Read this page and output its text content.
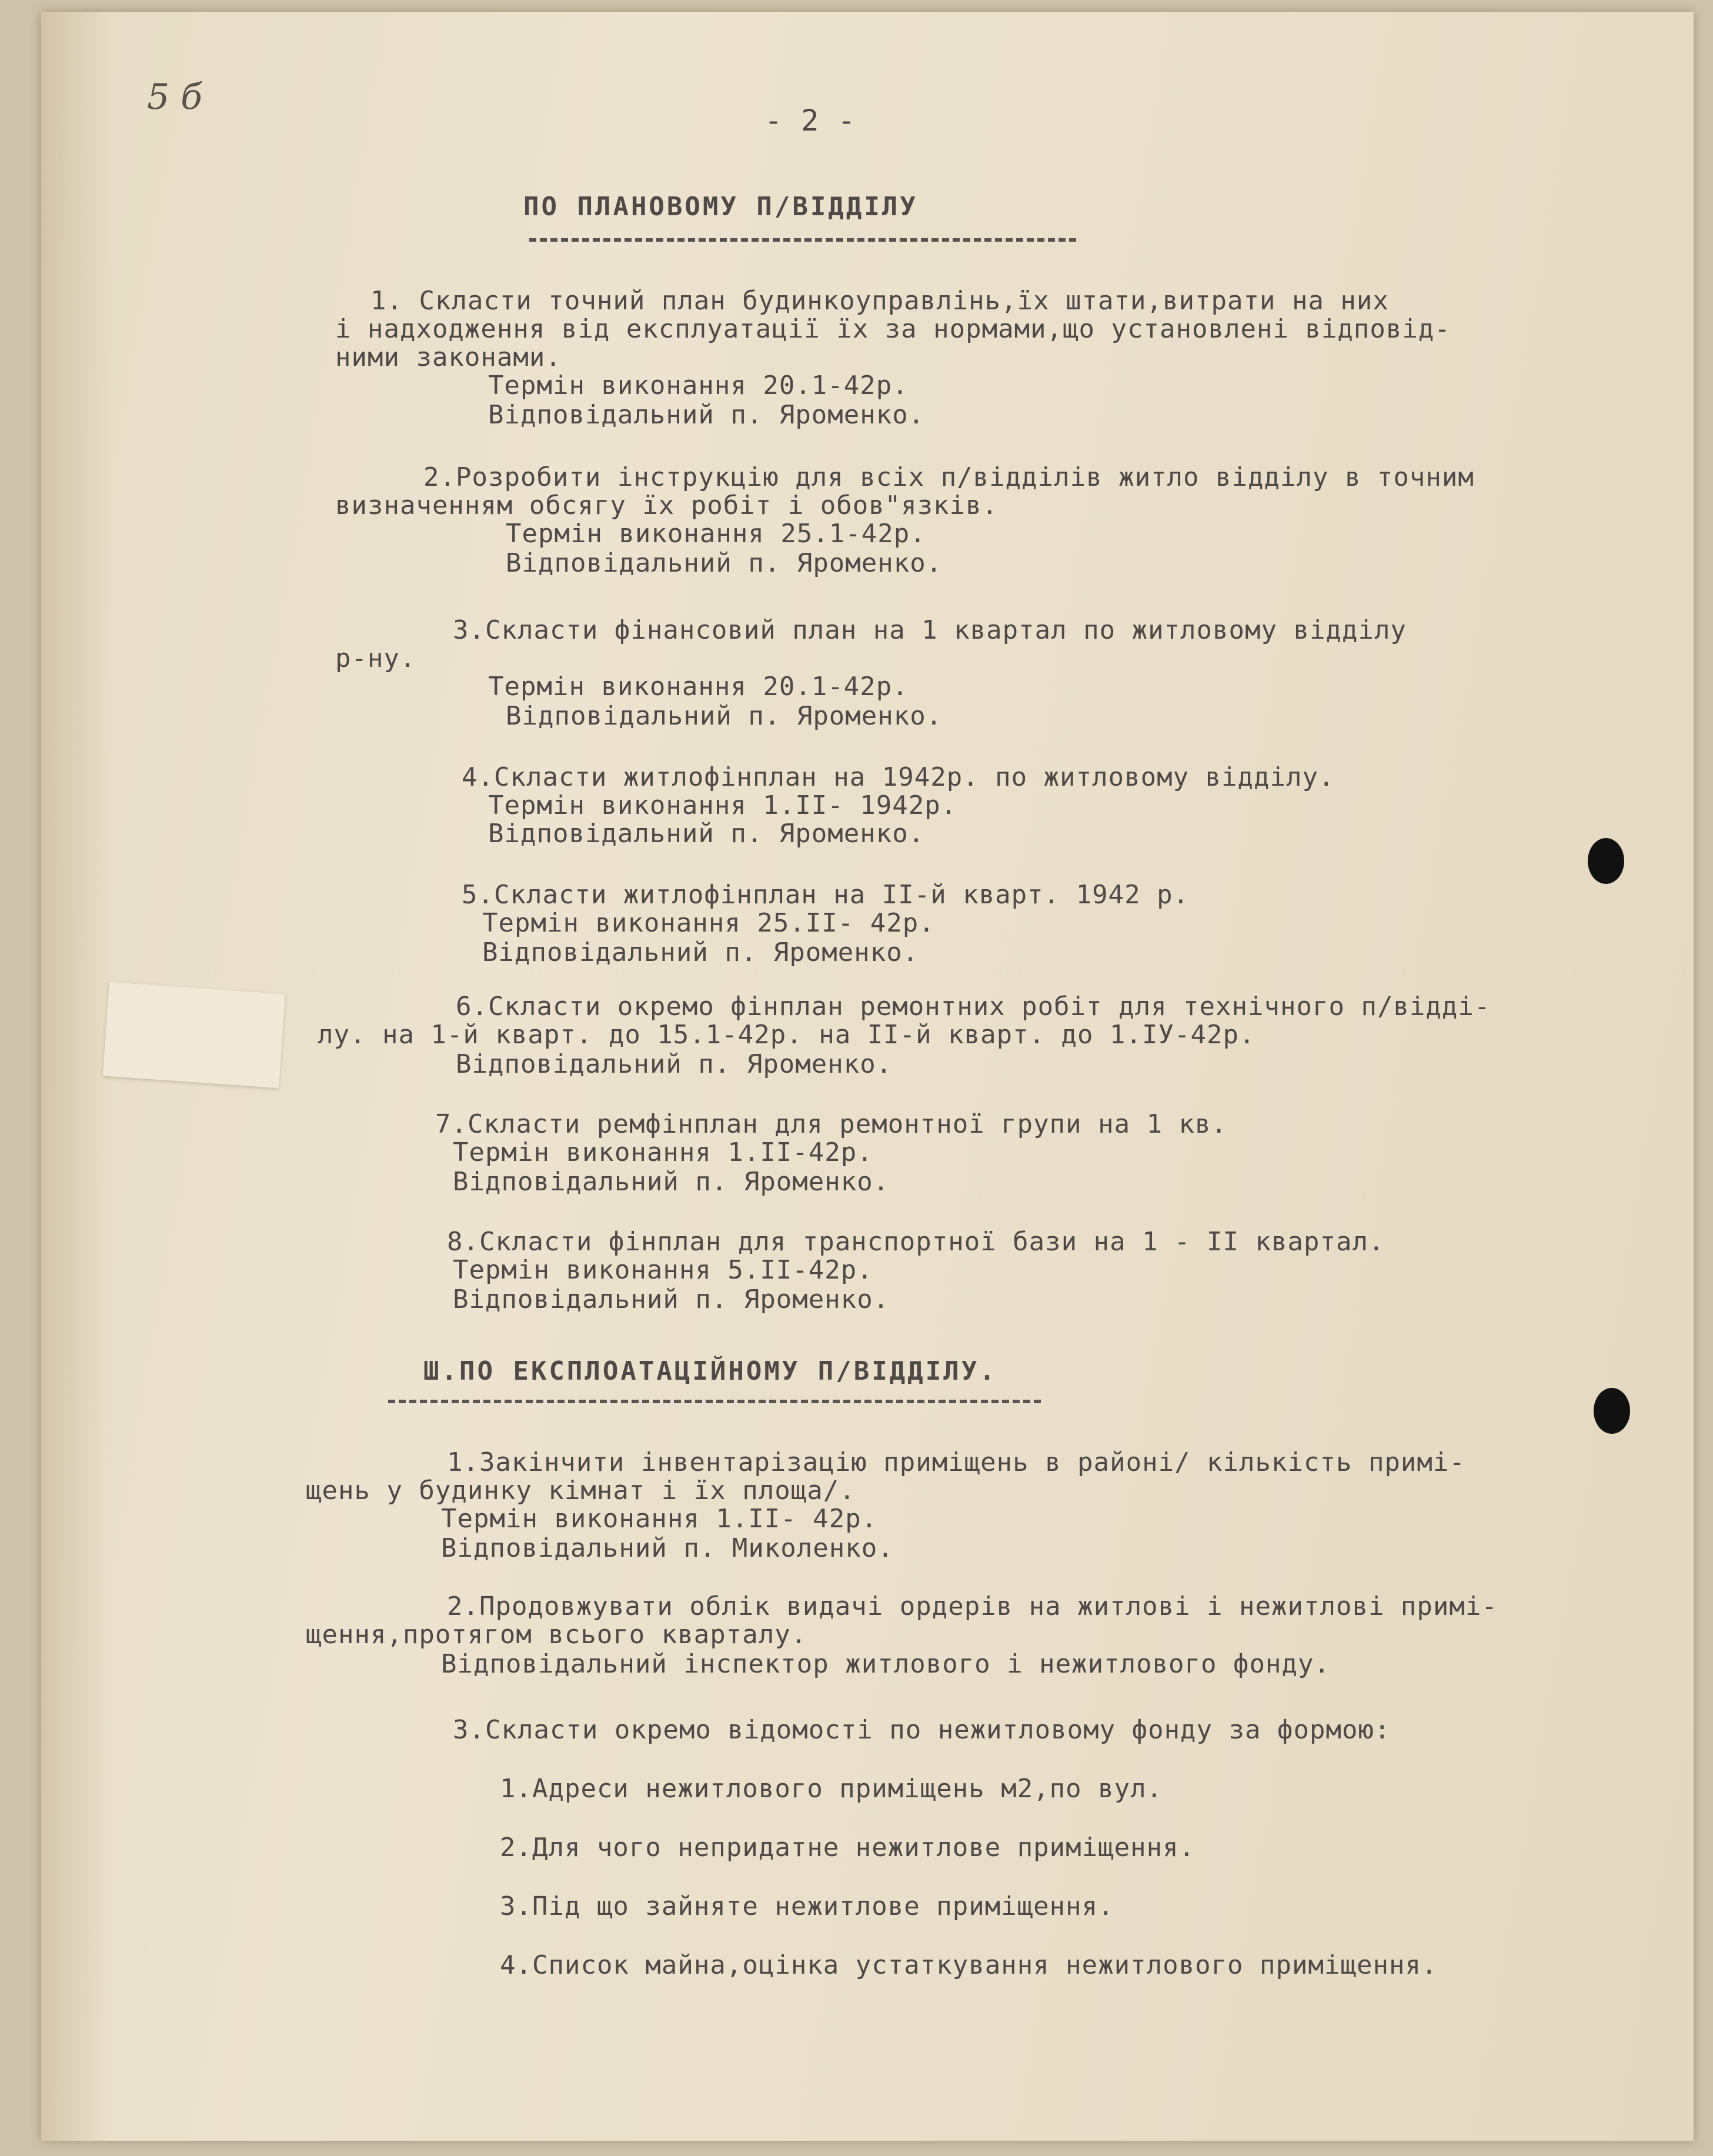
5 б
- 2 -
ПО ПЛАНОВОМУ П/ВІДДІЛУ
1. Скласти точний план будинкоуправлінь,їх штати,витрати на них
і надходження від експлуатації їх за нормами,що установлені відповід-
ними законами.
Термін виконання 20.1-42р.
Відповідальний п. Яроменко.
2.Розробити інструкцію для всіх п/відділів житло відділу в точним
визначенням обсягу їх робіт і обов"язків.
Термін виконання 25.1-42р.
Відповідальний п. Яроменко.
3.Скласти фінансовий план на 1 квартал по житловому відділу
р-ну.
Термін виконання 20.1-42р.
Відповідальний п. Яроменко.
4.Скласти житлофінплан на 1942р. по житловому відділу.
Термін виконання 1.ІІ- 1942р.
Відповідальний п. Яроменко.
5.Скласти житлофінплан на ІІ-й кварт. 1942 р.
Термін виконання 25.ІІ- 42р.
Відповідальний п. Яроменко.
6.Скласти окремо фінплан ремонтних робіт для технічного п/відді-
лу. на 1-й кварт. до 15.1-42р. на ІІ-й кварт. до 1.ІУ-42р.
Відповідальний п. Яроменко.
7.Скласти ремфінплан для ремонтної групи на 1 кв.
Термін виконання 1.ІІ-42р.
Відповідальний п. Яроменко.
8.Скласти фінплан для транспортної бази на 1 - ІІ квартал.
Термін виконання 5.ІІ-42р.
Відповідальний п. Яроменко.
Ш.ПО ЕКСПЛОАТАЦІЙНОМУ П/ВІДДІЛУ.
1.Закінчити інвентарізацію приміщень в районі/ кількість примі-
щень у будинку кімнат і їх площа/.
Термін виконання 1.ІІ- 42р.
Відповідальний п. Миколенко.
2.Продовжувати облік видачі ордерів на житлові і нежитлові примі-
щення,протягом всього кварталу.
Відповідальний інспектор житлового і нежитлового фонду.
3.Скласти окремо відомості по нежитловому фонду за формою:
1.Адреси нежитлового приміщень м2,по вул.
2.Для чого непридатне нежитлове приміщення.
3.Під що зайняте нежитлове приміщення.
4.Список майна,оцінка устаткування нежитлового приміщення.
